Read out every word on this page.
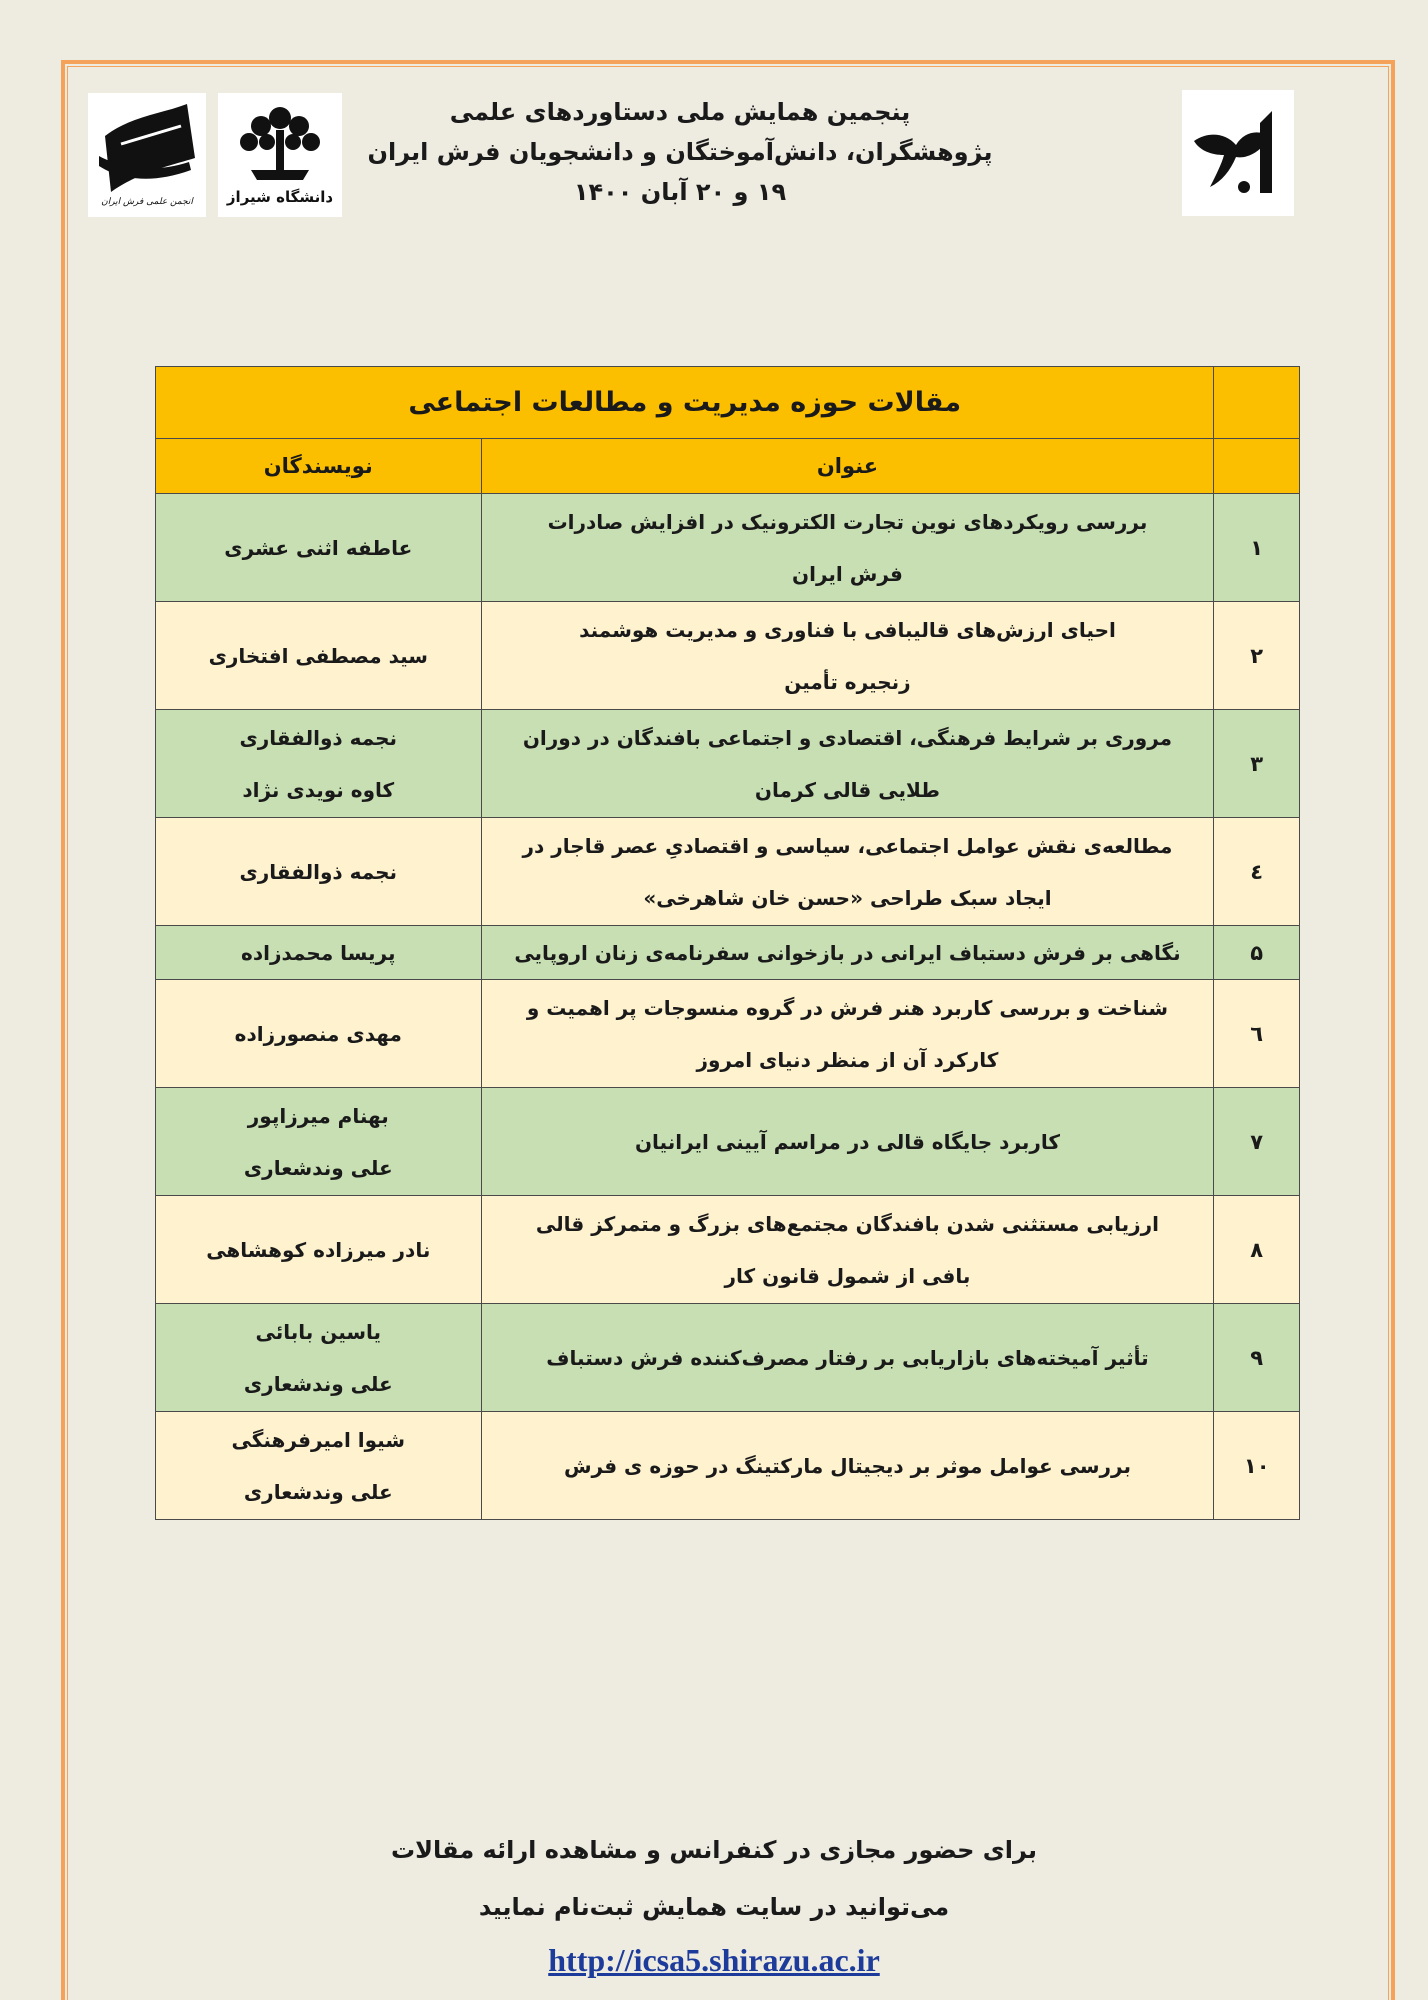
انجمن علمی فرش ایران دانشگاه شیراز
پنجمین همایش ملی دستاوردهای علمی
پژوهشگران، دانش‌آموختگان و دانشجویان فرش ایران
۱۹ و ۲۰ آبان ۱۴۰۰
	مقالات حوزه مدیریت و مطالعات اجتماعی	
	عنوان	نویسندگان
۱	بررسی رویکردهای نوین تجارت الکترونیک در افزایش صادرات
فرش ایران	عاطفه اثنی عشری

۲	احیای ارزش‌های قالیبافی با فناوری و مدیریت هوشمند
زنجیره تأمین	سید مصطفی افتخاری

۳	مروری بر شرایط فرهنگی، اقتصادی و اجتماعی بافندگان در دوران
طلایی قالی کرمان	نجمه ذوالفقاری
کاوه نویدی نژاد

٤	مطالعه‌ی نقش عوامل اجتماعی، سیاسی و اقتصادیِ عصر قاجار در
ایجاد سبک طراحی «حسن خان شاهرخی»	نجمه ذوالفقاری

۵	نگاهی بر فرش دستباف ایرانی در بازخوانی سفرنامه‌ی زنان اروپایی	پریسا محمدزاده

٦	شناخت و بررسی کاربرد هنر فرش در گروه منسوجات پر اهمیت و
کارکرد آن از منظر دنیای امروز	مهدی منصورزاده

۷	کاربرد جایگاه قالی در مراسم آیینی ایرانیان	بهنام میرزاپور
علی وندشعاری

۸	ارزیابی مستثنی شدن بافندگان مجتمع‌های بزرگ و متمرکز قالی
بافی از شمول قانون کار	نادر میرزاده کوهشاهی

۹	تأثیر آمیخته‌های بازاریابی بر رفتار مصرف‌کننده فرش دستباف	یاسین بابائی
علی وندشعاری

۱۰	بررسی عوامل موثر بر دیجیتال مارکتینگ در حوزه ی فرش	شیوا امیرفرهنگی
علی وندشعاری
برای حضور مجازی در کنفرانس و مشاهده ارائه مقالات
می‌توانید در سایت همایش ثبت‌نام نمایید
http://icsa5.shirazu.ac.ir
